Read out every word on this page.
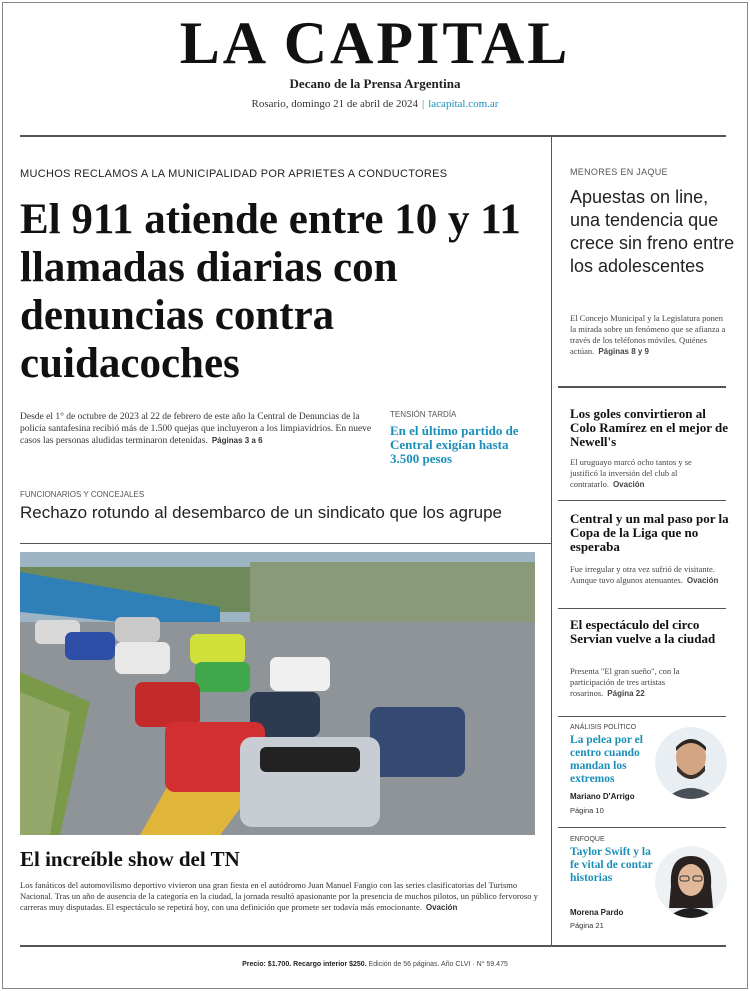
LA CAPITAL
Decano de la Prensa Argentina
Rosario, domingo 21 de abril de 2024 | lacapital.com.ar
MUCHOS RECLAMOS A LA MUNICIPALIDAD POR APRIETES A CONDUCTORES
El 911 atiende entre 10 y 11 llamadas diarias con denuncias contra cuidacoches
Desde el 1° de octubre de 2023 al 22 de febrero de este año la Central de Denuncias de la policía santafesina recibió más de 1.500 quejas que incluyeron a los limpiavidrios. En nueve casos las personas aludidas terminaron detenidas. Páginas 3 a 6
TENSIÓN TARDÍA
En el último partido de Central exigían hasta 3.500 pesos
FUNCIONARIOS Y CONCEJALES
Rechazo rotundo al desembarco de un sindicato que los agrupe
El increíble show del TN
Los fanáticos del automovilismo deportivo vivieron una gran fiesta en el autódromo Juan Manuel Fangio con las series clasificatorias del Turismo Nacional. Tras un año de ausencia de la categoría en la ciudad, la jornada resultó apasionante por la presencia de muchos pilotos, un público fervoroso y carreras muy disputadas. El espectáculo se repetirá hoy, con una definición que promete ser todavía más emocionante. Ovación
MENORES EN JAQUE
Apuestas on line, una tendencia que crece sin freno entre los adolescentes
El Concejo Municipal y la Legislatura ponen la mirada sobre un fenómeno que se afianza a través de los teléfonos móviles. Quiénes actúan. Páginas 8 y 9
Los goles convirtieron al Colo Ramírez en el mejor de Newell's
El uruguayo marcó ocho tantos y se justificó la inversión del club al contratarlo. Ovación
Central y un mal paso por la Copa de la Liga que no esperaba
Fue irregular y otra vez sufrió de visitante. Aunque tuvo algunos atenuantes. Ovación
El espectáculo del circo Servian vuelve a la ciudad
Presenta "El gran sueño", con la participación de tres artistas rosarinos. Página 22
ANÁLISIS POLÍTICO
La pelea por el centro cuando mandan los extremos
Mariano D'Arrigo
Página 10
ENFOQUE
Taylor Swift y la fe vital de contar historias
Morena Pardo
Página 21
Precio: $1.700. Recargo interior $250. Edición de 56 páginas. Año CLVI · N° 59.475
